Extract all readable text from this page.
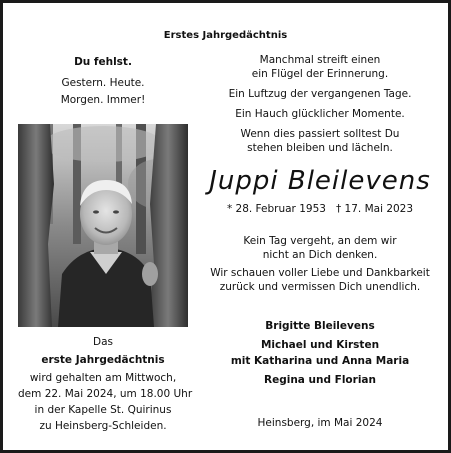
Erstes Jahrgedächtnis
Du fehlst.
Gestern. Heute.
Morgen. Immer!
Manchmal streift einen
ein Flügel der Erinnerung.
Ein Luftzug der vergangenen Tage.
Ein Hauch glücklicher Momente.
Wenn dies passiert solltest Du
stehen bleiben und lächeln.
Juppi Bleilevens
* 28. Februar 1953   † 17. Mai 2023
Kein Tag vergeht, an dem wir
nicht an Dich denken.
Wir schauen voller Liebe und Dankbarkeit
zurück und vermissen Dich unendlich.
Brigitte Bleilevens
Michael und Kirsten
mit Katharina und Anna Maria
Regina und Florian
Das
erste Jahrgedächtnis
wird gehalten am Mittwoch,
dem 22. Mai 2024, um 18.00 Uhr
in der Kapelle St. Quirinus
zu Heinsberg-Schleiden.	Heinsberg, im Mai 2024
